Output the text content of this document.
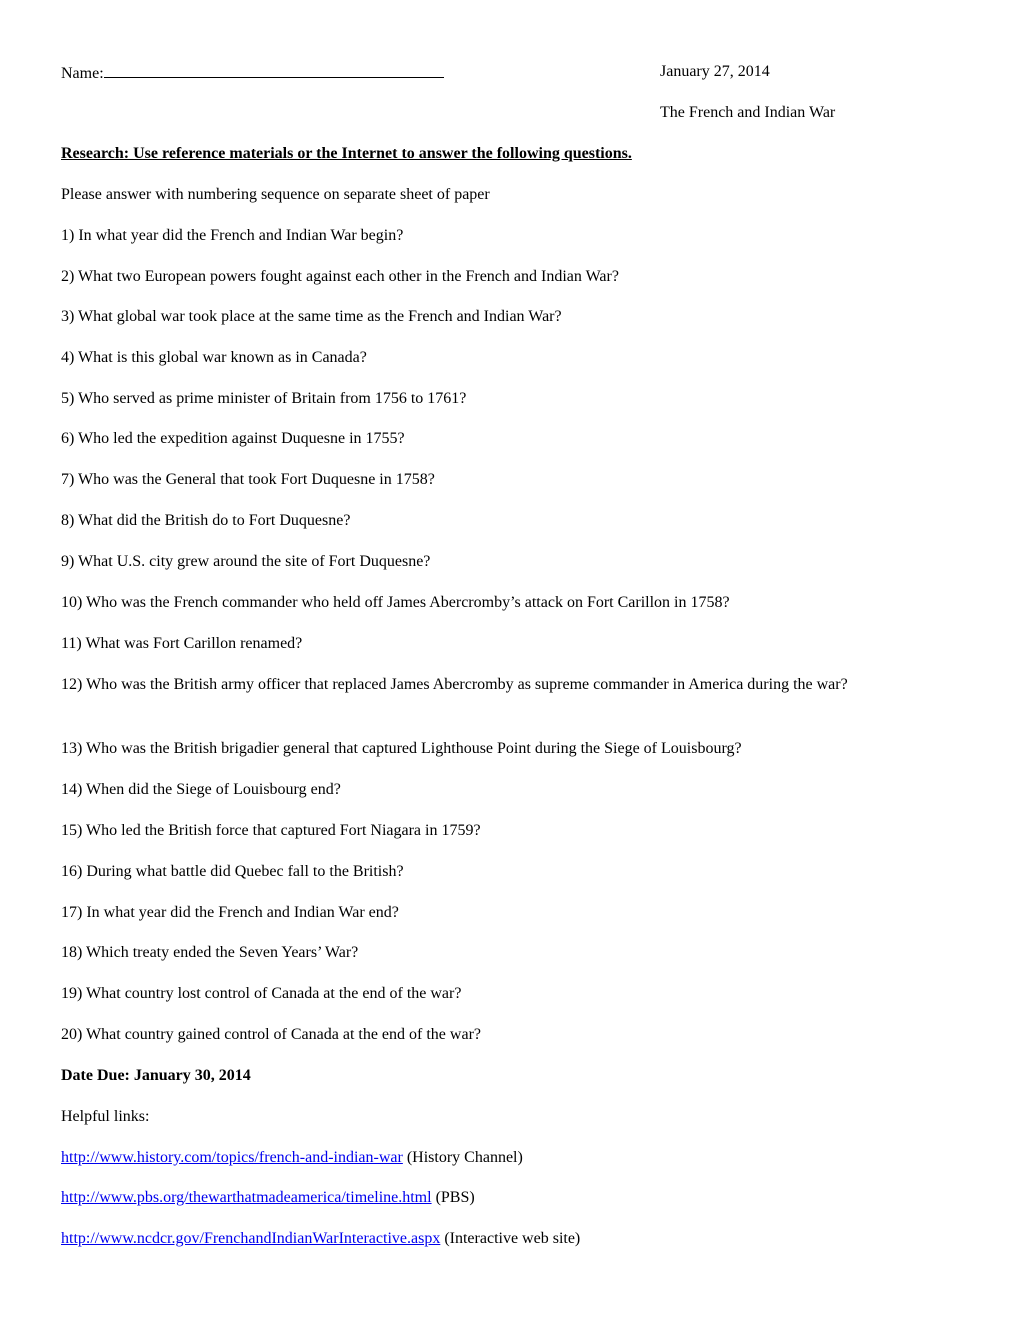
Name:	January 27, 2014
The French and Indian War
Research: Use reference materials or the Internet to answer the following questions.
Please answer with numbering sequence on separate sheet of paper
1) In what year did the French and Indian War begin?
2) What two European powers fought against each other in the French and Indian War?
3) What global war took place at the same time as the French and Indian War?
4) What is this global war known as in Canada?
5) Who served as prime minister of Britain from 1756 to 1761?
6) Who led the expedition against Duquesne in 1755?
7) Who was the General that took Fort Duquesne in 1758?
8) What did the British do to Fort Duquesne?
9) What U.S. city grew around the site of Fort Duquesne?
10) Who was the French commander who held off James Abercromby’s attack on Fort Carillon in 1758?
11) What was Fort Carillon renamed?
12) Who was the British army officer that replaced James Abercromby as supreme commander in America during the war?
13) Who was the British brigadier general that captured Lighthouse Point during the Siege of Louisbourg?
14) When did the Siege of Louisbourg end?
15) Who led the British force that captured Fort Niagara in 1759?
16) During what battle did Quebec fall to the British?
17) In what year did the French and Indian War end?
18) Which treaty ended the Seven Years’ War?
19) What country lost control of Canada at the end of the war?
20) What country gained control of Canada at the end of the war?
Date Due: January 30, 2014
Helpful links:
http://www.history.com/topics/french-and-indian-war (History Channel)
http://www.pbs.org/thewarthatmadeamerica/timeline.html (PBS)
http://www.ncdcr.gov/FrenchandIndianWarInteractive.aspx (Interactive web site)
